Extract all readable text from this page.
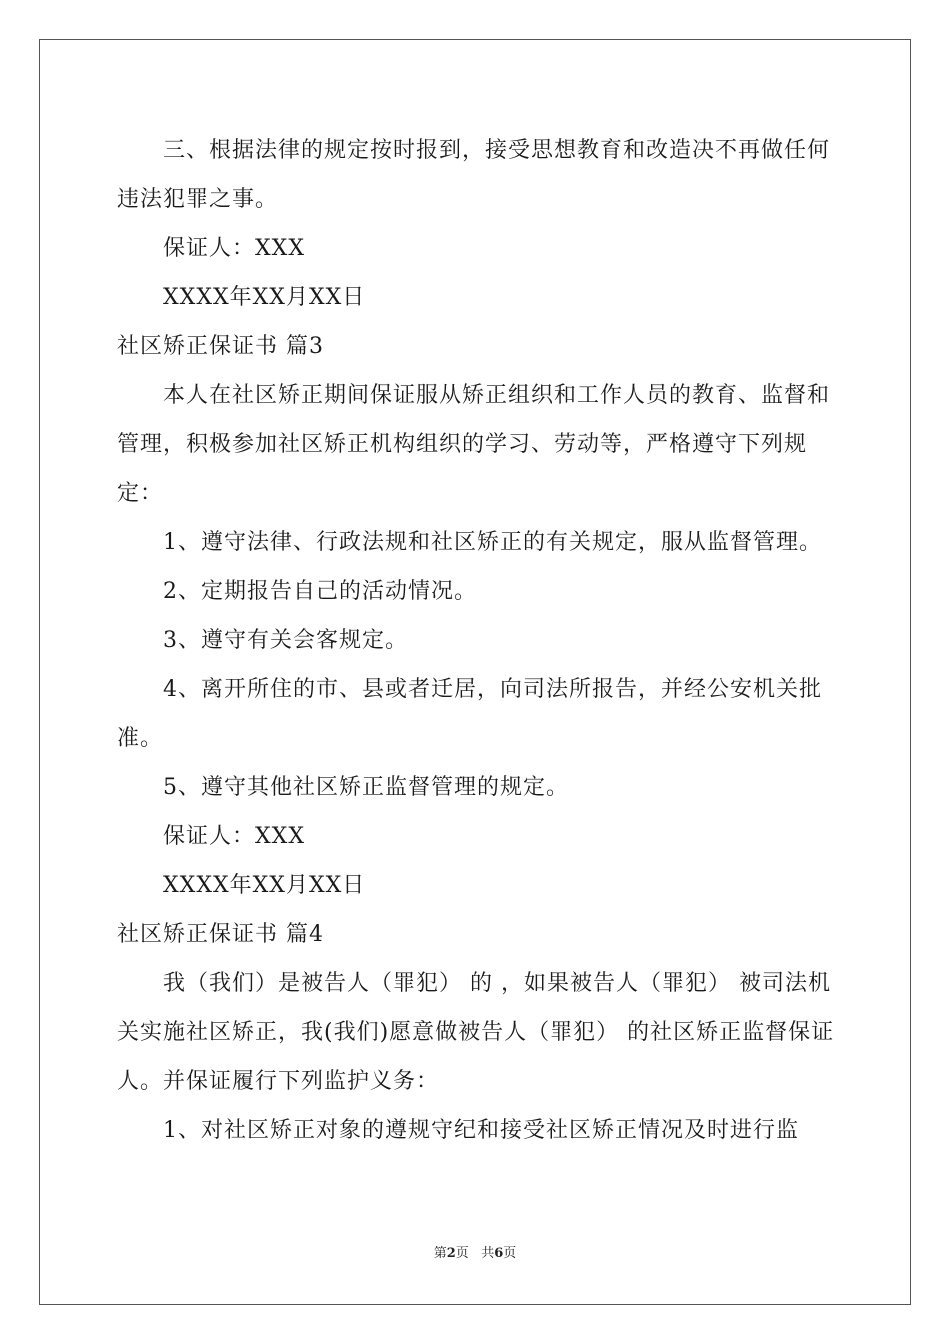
三、根据法律的规定按时报到，接受思想教育和改造决不再做任何违法犯罪之事。

保证人：XXX

XXXX年XX月XX日

社区矫正保证书 篇3

本人在社区矫正期间保证服从矫正组织和工作人员的教育、监督和管理，积极参加社区矫正机构组织的学习、劳动等，严格遵守下列规定：

1、遵守法律、行政法规和社区矫正的有关规定，服从监督管理。

2、定期报告自己的活动情况。

3、遵守有关会客规定。

4、离开所住的市、县或者迁居，向司法所报告，并经公安机关批准。

5、遵守其他社区矫正监督管理的规定。

保证人：XXX

XXXX年XX月XX日

社区矫正保证书 篇4

我（我们）是被告人（罪犯） 的 ，如果被告人（罪犯） 被司法机关实施社区矫正，我(我们)愿意做被告人（罪犯） 的社区矫正监督保证人。并保证履行下列监护义务：

1、对社区矫正对象的遵规守纪和接受社区矫正情况及时进行监

第2页 共6页
